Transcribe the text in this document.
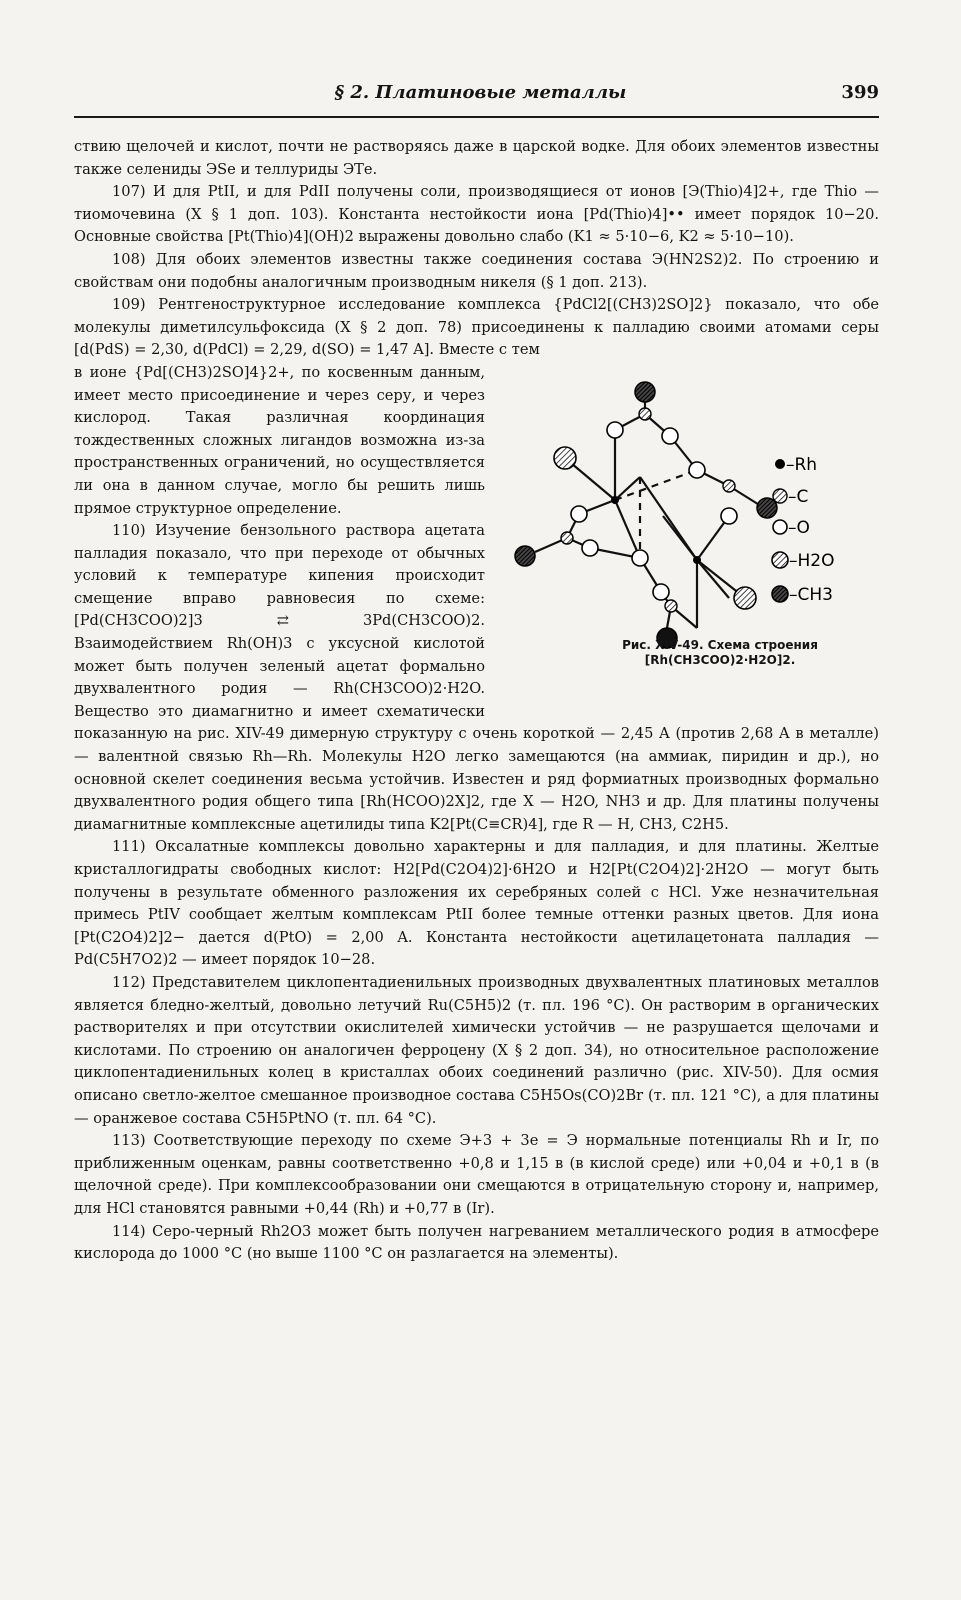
§ 2. Платиновые металлы	399

ствию щелочей и кислот, почти не растворяясь даже в царской водке. Для обоих элементов известны также селениды ЭSe и теллуриды ЭТе.

107) И для PtII, и для PdII получены соли, производящиеся от ионов [Э(Thio)4]2+, где Thio — тиомочевина (X § 1 доп. 103). Константа нестойкости иона [Pd(Thio)4]•• имеет порядок 10−20. Основные свойства [Pt(Thio)4](OH)2 выражены довольно слабо (K1 ≈ 5·10−6, K2 ≈ 5·10−10).

108) Для обоих элементов известны также соединения состава Э(HN2S2)2. По строению и свойствам они подобны аналогичным производным никеля (§ 1 доп. 213).

109) Рентгеноструктурное исследование комплекса {PdCl2[(CH3)2SO]2} показало, что обе молекулы диметилсульфоксида (X § 2 доп. 78) присоединены к палладию своими атомами серы [d(PdS) = 2,30, d(PdCl) = 2,29, d(SO) = 1,47 A]. Вместе с тем

–Rh
–C
–O
–H2O
–CH3
Рис. XIV-49. Схема строения
[Rh(CH3COO)2·H2O]2.

в ионе {Pd[(CH3)2SO]4}2+, по косвенным данным, имеет место присоединение и через серу, и через кислород. Такая различная координация тождественных сложных лигандов возможна из-за пространственных ограничений, но осуществляется ли она в данном случае, могло бы решить лишь прямое структурное определение.

110) Изучение бензольного раствора ацетата палладия показало, что при переходе от обычных условий к температуре кипения происходит смещение вправо равновесия по схеме: [Pd(CH3COO)2]3 ⇄ 3Pd(CH3COO)2. Взаимодействием Rh(OH)3 с уксусной кислотой может быть получен зеленый ацетат формально двухвалентного родия — Rh(CH3COO)2·H2O. Вещество это диамагнитно и имеет схематически показанную на рис. XIV-49 димерную структуру с очень короткой — 2,45 A (против 2,68 A в металле) — валентной связью Rh—Rh. Молекулы H2O легко замещаются (на аммиак, пиридин и др.), но основной скелет соединения весьма устойчив. Известен и ряд формиатных производных формально двухвалентного родия общего типа [Rh(HCOO)2X]2, где X — H2O, NH3 и др. Для платины получены диамагнитные комплексные ацетилиды типа K2[Pt(C≡CR)4], где R — H, CH3, C2H5.

111) Оксалатные комплексы довольно характерны и для палладия, и для платины. Желтые кристаллогидраты свободных кислот: H2[Pd(C2O4)2]·6H2O и H2[Pt(C2O4)2]·2H2O — могут быть получены в результате обменного разложения их серебряных солей с HCl. Уже незначительная примесь PtIV сообщает желтым комплексам PtII более темные оттенки разных цветов. Для иона [Pt(C2O4)2]2− дается d(PtO) = 2,00 A. Константа нестойкости ацетилацетоната палладия — Pd(C5H7O2)2 — имеет порядок 10−28.

112) Представителем циклопентадиенильных производных двухвалентных платиновых металлов является бледно-желтый, довольно летучий Ru(C5H5)2 (т. пл. 196 °C). Он растворим в органических растворителях и при отсутствии окислителей химически устойчив — не разрушается щелочами и кислотами. По строению он аналогичен ферроцену (X § 2 доп. 34), но относительное расположение циклопентадиенильных колец в кристаллах обоих соединений различно (рис. XIV-50). Для осмия описано светло-желтое смешанное производное состава C5H5Os(CO)2Br (т. пл. 121 °C), а для платины — оранжевое состава C5H5PtNO (т. пл. 64 °C).

113) Соответствующие переходу по схеме Э+3 + 3e = Э нормальные потенциалы Rh и Ir, по приближенным оценкам, равны соответственно +0,8 и 1,15 в (в кислой среде) или +0,04 и +0,1 в (в щелочной среде). При комплексообразовании они смещаются в отрицательную сторону и, например, для HCl становятся равными +0,44 (Rh) и +0,77 в (Ir).

114) Серо-черный Rh2O3 может быть получен нагреванием металлического родия в атмосфере кислорода до 1000 °C (но выше 1100 °C он разлагается на элементы).
